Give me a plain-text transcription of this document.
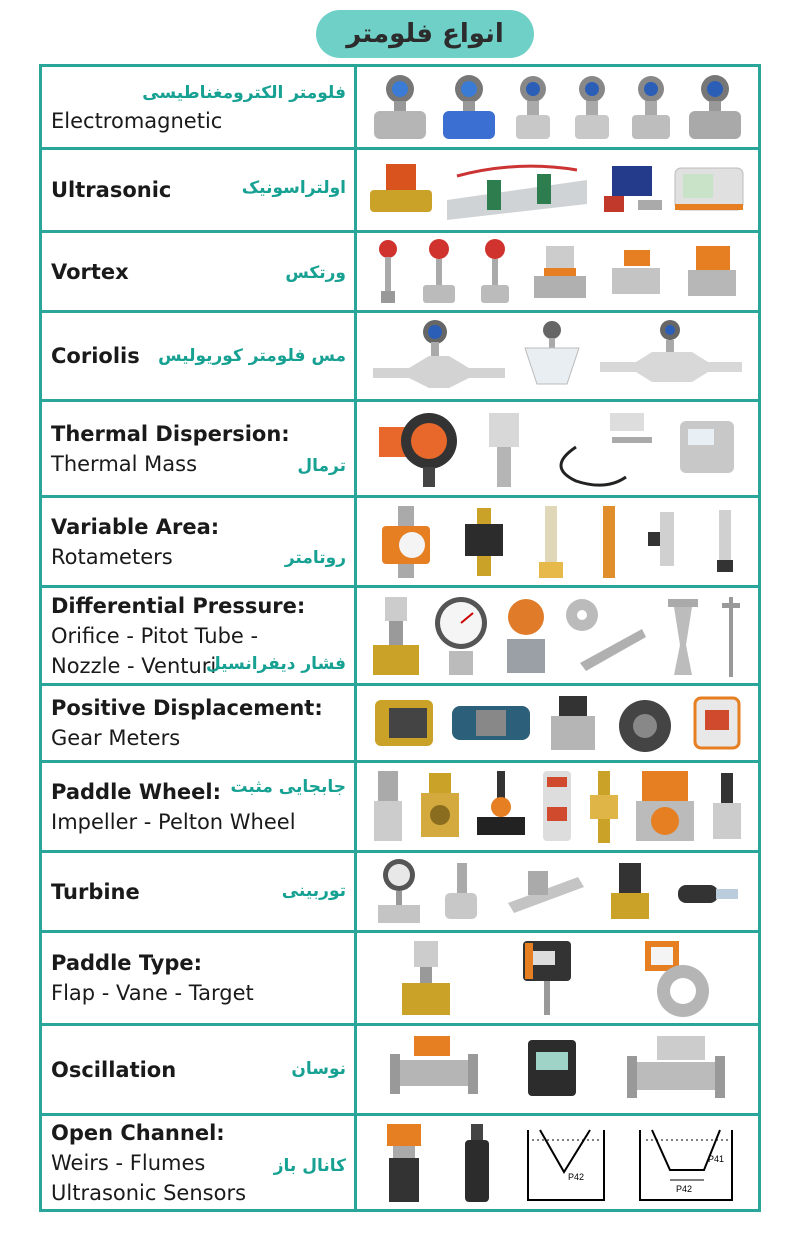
انواع فلومتر
فلومتر الکترومغناطیسی
Electromagnetic
Ultrasonic	اولتراسونیک
Vortex	ورتکس
Coriolis	مس فلومتر کوریولیس
Thermal Dispersion:
Thermal Mass	ترمال
Variable Area:
Rotameters	روتامتر
Differential Pressure:
Orifice - Pitot Tube -
Nozzle - Venturi
فشار دیفرانسیل
Positive Displacement:
Gear Meters
Paddle Wheel:
Impeller - Pelton Wheel
جابجایی مثبت
Turbine	توربینی
Paddle Type:
Flap - Vane - Target
Oscillation	نوسان
Open Channel:
Weirs - Flumes
Ultrasonic Sensors
کانال باز
P42
P42
P41
